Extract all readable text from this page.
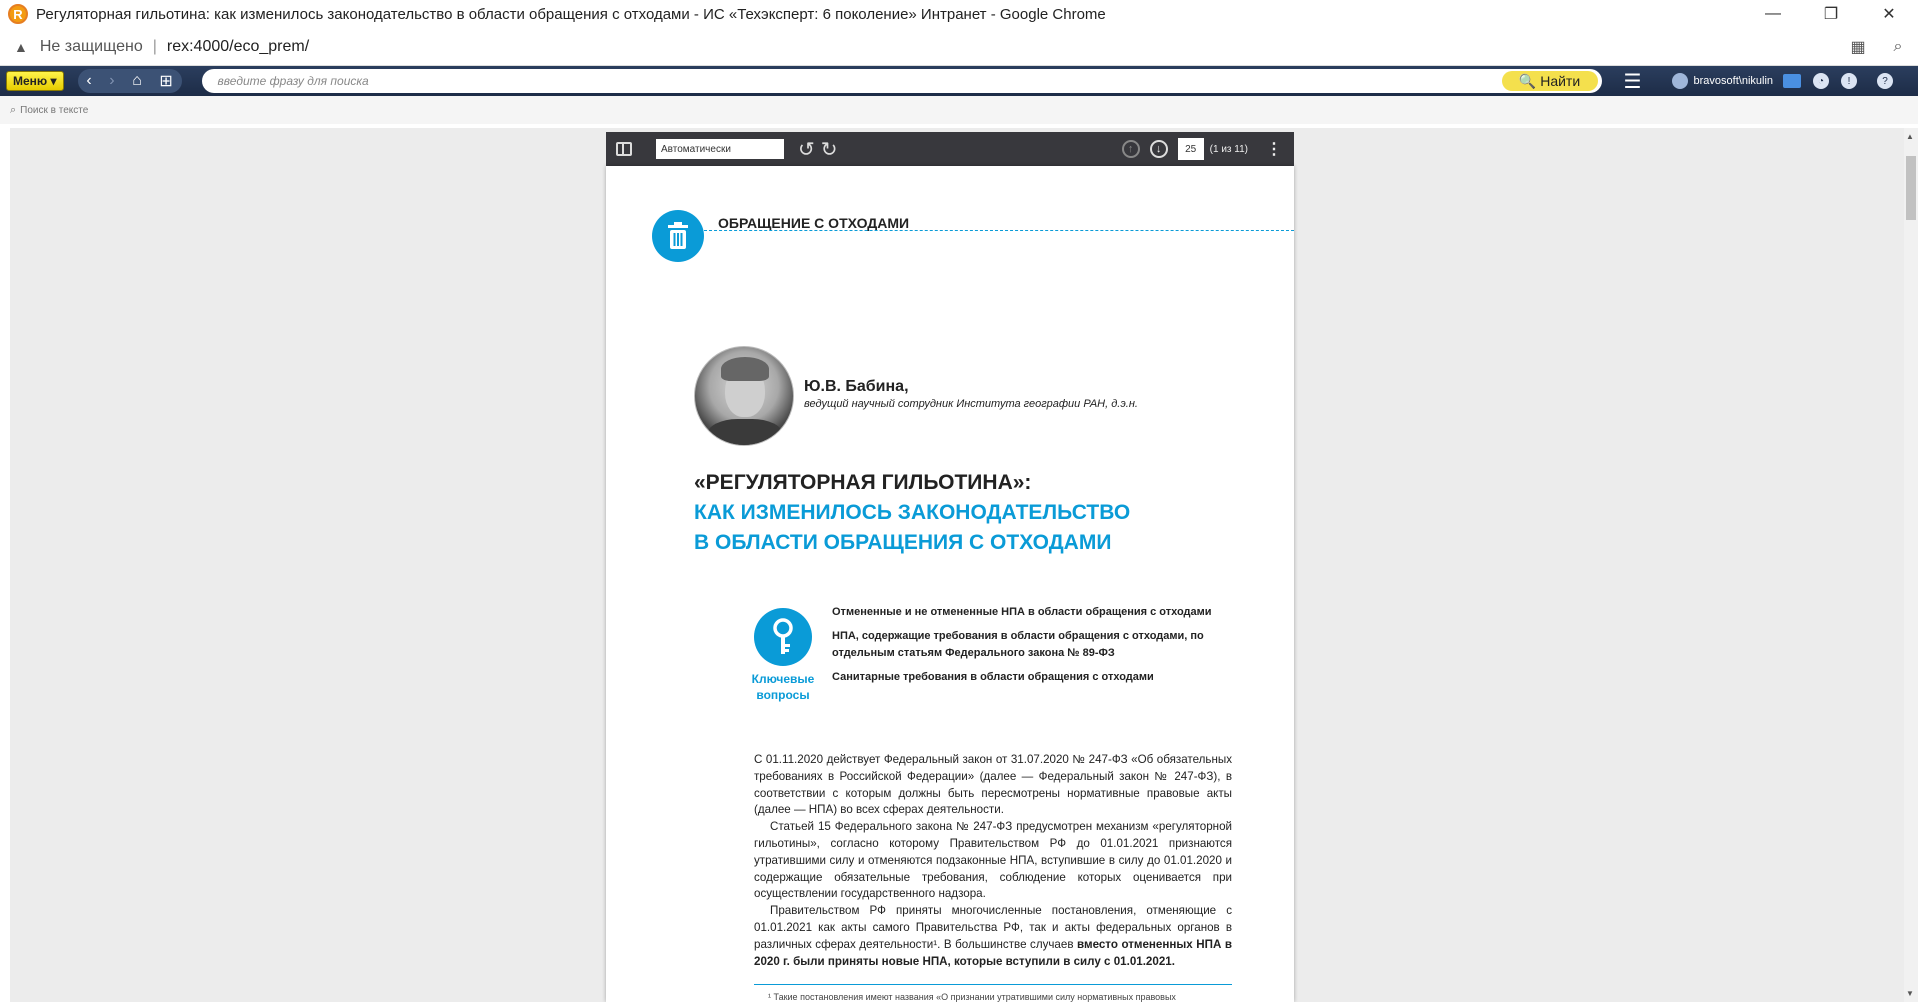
R Регуляторная гильотина: как изменилось законодательство в области обращения с отходами - ИС «Техэксперт: 6 поколение» Интранет - Google Chrome	—	❐	✕
▲ Не защищено | rex:4000/eco_prem/	▦	⌕
Меню ▾	‹ › ⌂ ⊞	введите фразу для поиска	🔍 Найти	☰	bravosoft\nikulin	◔	!	?
⌕ Поиск в тексте
▲
▼
Автоматически	↺ ↻	↑	↓	25	(1 из 11) ⋮
ОБРАЩЕНИЕ С ОТХОДАМИ
Ю.В. Бабина,
ведущий научный сотрудник Института географии РАН, д.э.н.
«РЕГУЛЯТОРНАЯ ГИЛЬОТИНА»:
КАК ИЗМЕНИЛОСЬ ЗАКОНОДАТЕЛЬСТВО
В ОБЛАСТИ ОБРАЩЕНИЯ С ОТХОДАМИ
Ключевые
вопросы
Отмененные и не отмененные НПА в области обращения с отходами
НПА, содержащие требования в области обращения с отходами, по отдельным статьям Федерального закона № 89-ФЗ
Санитарные требования в области обращения с отходами

С 01.11.2020 действует Федеральный закон от 31.07.2020 № 247-ФЗ «Об обязательных требованиях в Российской Федерации» (далее — Федеральный закон № 247-ФЗ), в соответствии с которым должны быть пересмотрены нормативные правовые акты (далее — НПА) во всех сферах деятельности.

Статьей 15 Федерального закона № 247-ФЗ предусмотрен механизм «регуляторной гильотины», согласно которому Правительством РФ до 01.01.2021 признаются утратившими силу и отменяются подзаконные НПА, вступившие в силу до 01.01.2020 и содержащие обязательные требования, соблюдение которых оценивается при осуществлении государственного надзора.

Правительством РФ приняты многочисленные постановления, отменяющие с 01.01.2021 как акты самого Правительства РФ, так и акты федеральных органов в различных сферах деятельности¹. В большинстве случаев вместо отмененных НПА в 2020 г. были приняты новые НПА, которые вступили в силу с 01.01.2021.

¹ Такие постановления имеют названия «О признании утратившими силу нормативных правовых
